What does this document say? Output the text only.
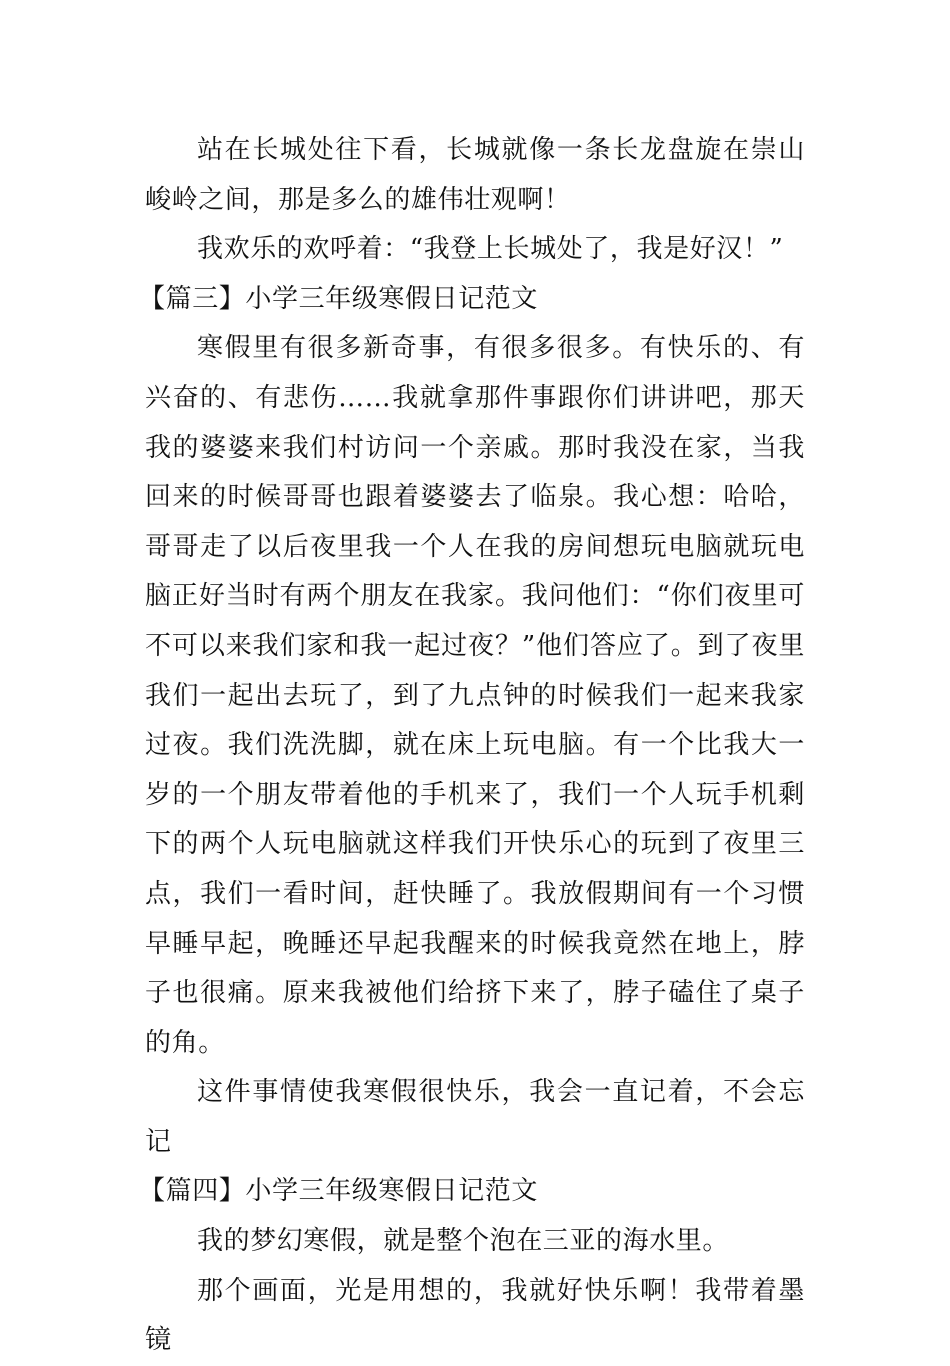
站在长城处往下看，长城就像一条长龙盘旋在崇山峻岭之间，那是多么的雄伟壮观啊！

我欢乐的欢呼着：“我登上长城处了，我是好汉！”

【篇三】小学三年级寒假日记范文

寒假里有很多新奇事，有很多很多。有快乐的、有兴奋的、有悲伤……我就拿那件事跟你们讲讲吧，那天我的婆婆来我们村访问一个亲戚。那时我没在家，当我回来的时候哥哥也跟着婆婆去了临泉。我心想：哈哈，哥哥走了以后夜里我一个人在我的房间想玩电脑就玩电脑正好当时有两个朋友在我家。我问他们：“你们夜里可不可以来我们家和我一起过夜？”他们答应了。到了夜里我们一起出去玩了，到了九点钟的时候我们一起来我家过夜。我们洗洗脚，就在床上玩电脑。有一个比我大一岁的一个朋友带着他的手机来了，我们一个人玩手机剩下的两个人玩电脑就这样我们开快乐心的玩到了夜里三点，我们一看时间，赶快睡了。我放假期间有一个习惯早睡早起，晚睡还早起我醒来的时候我竟然在地上，脖子也很痛。原来我被他们给挤下来了，脖子磕住了桌子的角。

这件事情使我寒假很快乐，我会一直记着，不会忘记

【篇四】小学三年级寒假日记范文

我的梦幻寒假，就是整个泡在三亚的海水里。

那个画面，光是用想的，我就好快乐啊！我带着墨镜
